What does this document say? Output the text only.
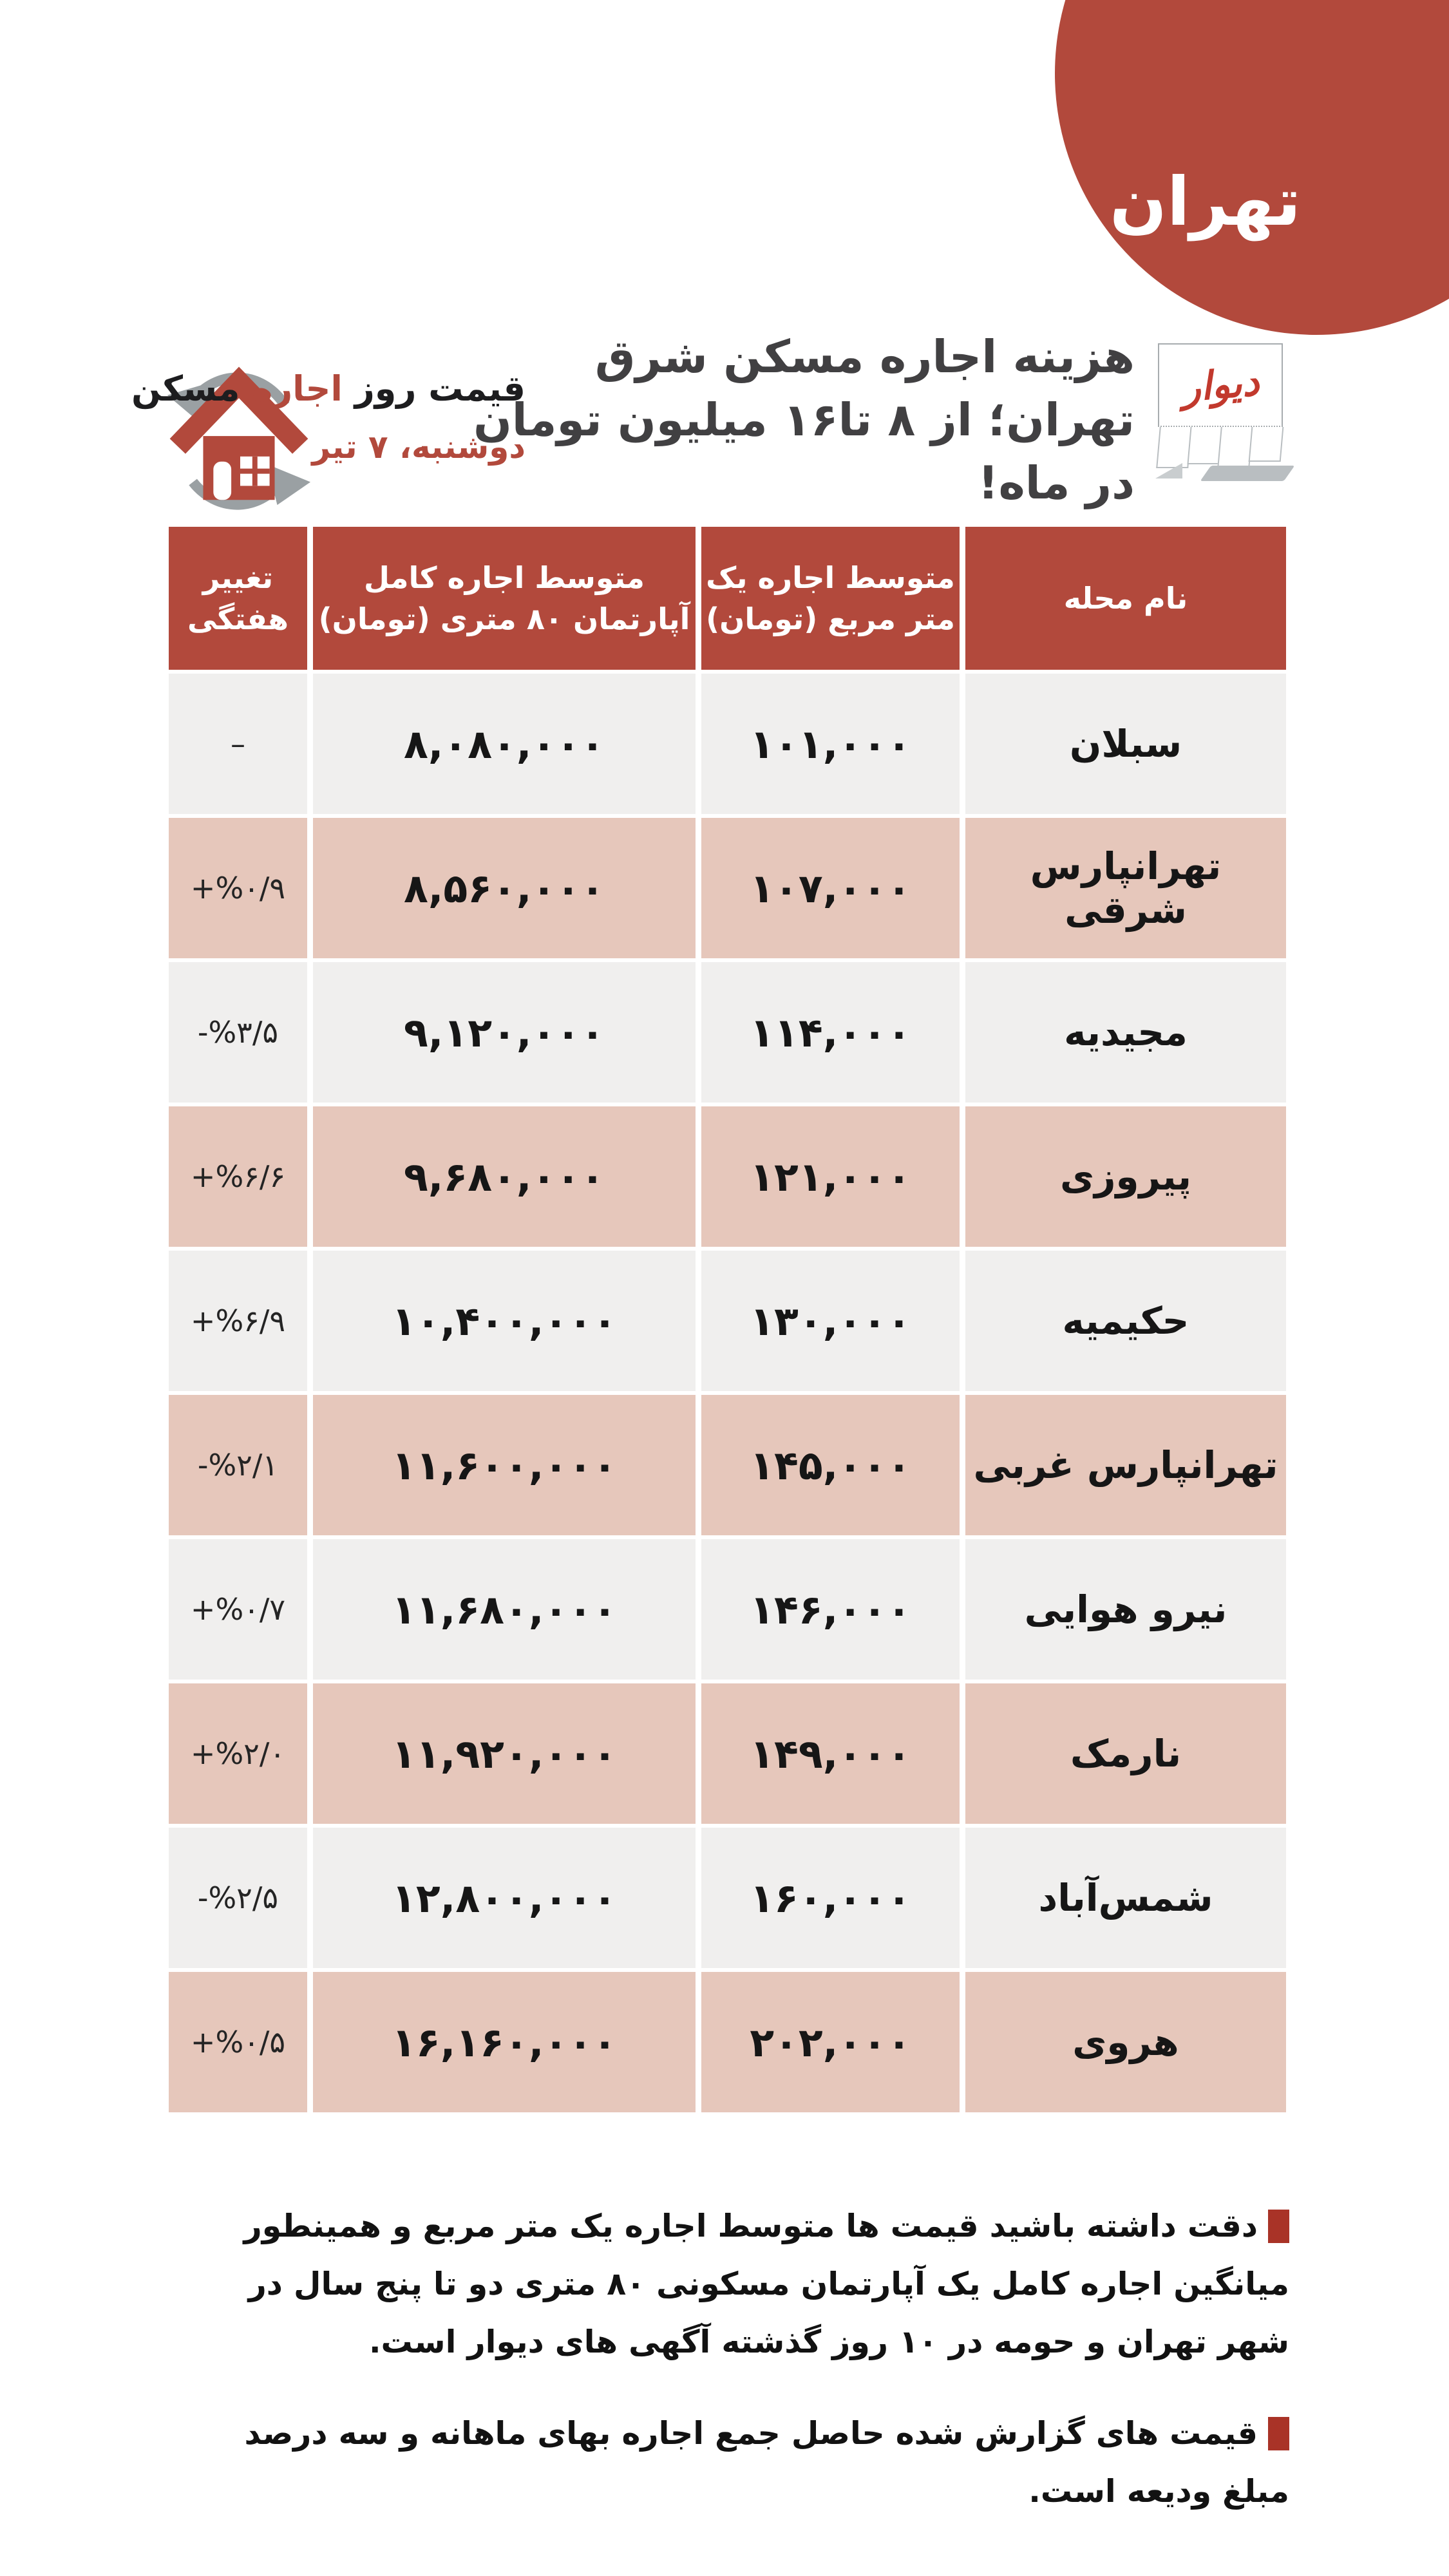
تهران
دیوار
هزینه اجاره مسکن شرق
تهران؛ از ۸ تا۱۶ میلیون تومان
در ماه!
قیمت روز اجاره مسکن
دوشنبه، ۷ تیر
نام محله
متوسط اجاره یک
متر مربع (تومان)
متوسط اجاره کامل
آپارتمان ۸۰ متری (تومان)
تغییر
هفتگی
سبلان
۱۰۱,۰۰۰
۸,۰۸۰,۰۰۰
–
تهرانپارس شرقی
۱۰۷,۰۰۰
۸,۵۶۰,۰۰۰
+%۰/۹
مجیدیه
۱۱۴,۰۰۰
۹,۱۲۰,۰۰۰
-%۳/۵
پیروزی
۱۲۱,۰۰۰
۹,۶۸۰,۰۰۰
+%۶/۶
حکیمیه
۱۳۰,۰۰۰
۱۰,۴۰۰,۰۰۰
+%۶/۹
تهرانپارس غربی
۱۴۵,۰۰۰
۱۱,۶۰۰,۰۰۰
-%۲/۱
نیرو هوایی
۱۴۶,۰۰۰
۱۱,۶۸۰,۰۰۰
+%۰/۷
نارمک
۱۴۹,۰۰۰
۱۱,۹۲۰,۰۰۰
+%۲/۰
شمس‌آباد
۱۶۰,۰۰۰
۱۲,۸۰۰,۰۰۰
-%۲/۵
هروی
۲۰۲,۰۰۰
۱۶,۱۶۰,۰۰۰
+%۰/۵

دقت داشته باشید قیمت ها متوسط اجاره یک متر مربع و همینطور میانگین اجاره کامل یک آپارتمان مسکونی ۸۰ متری دو تا پنج سال در شهر تهران و حومه در ۱۰ روز گذشته آگهی های دیوار است.

قیمت های گزارش شده حاصل جمع اجاره بهای ماهانه و سه درصد مبلغ ودیعه است.
